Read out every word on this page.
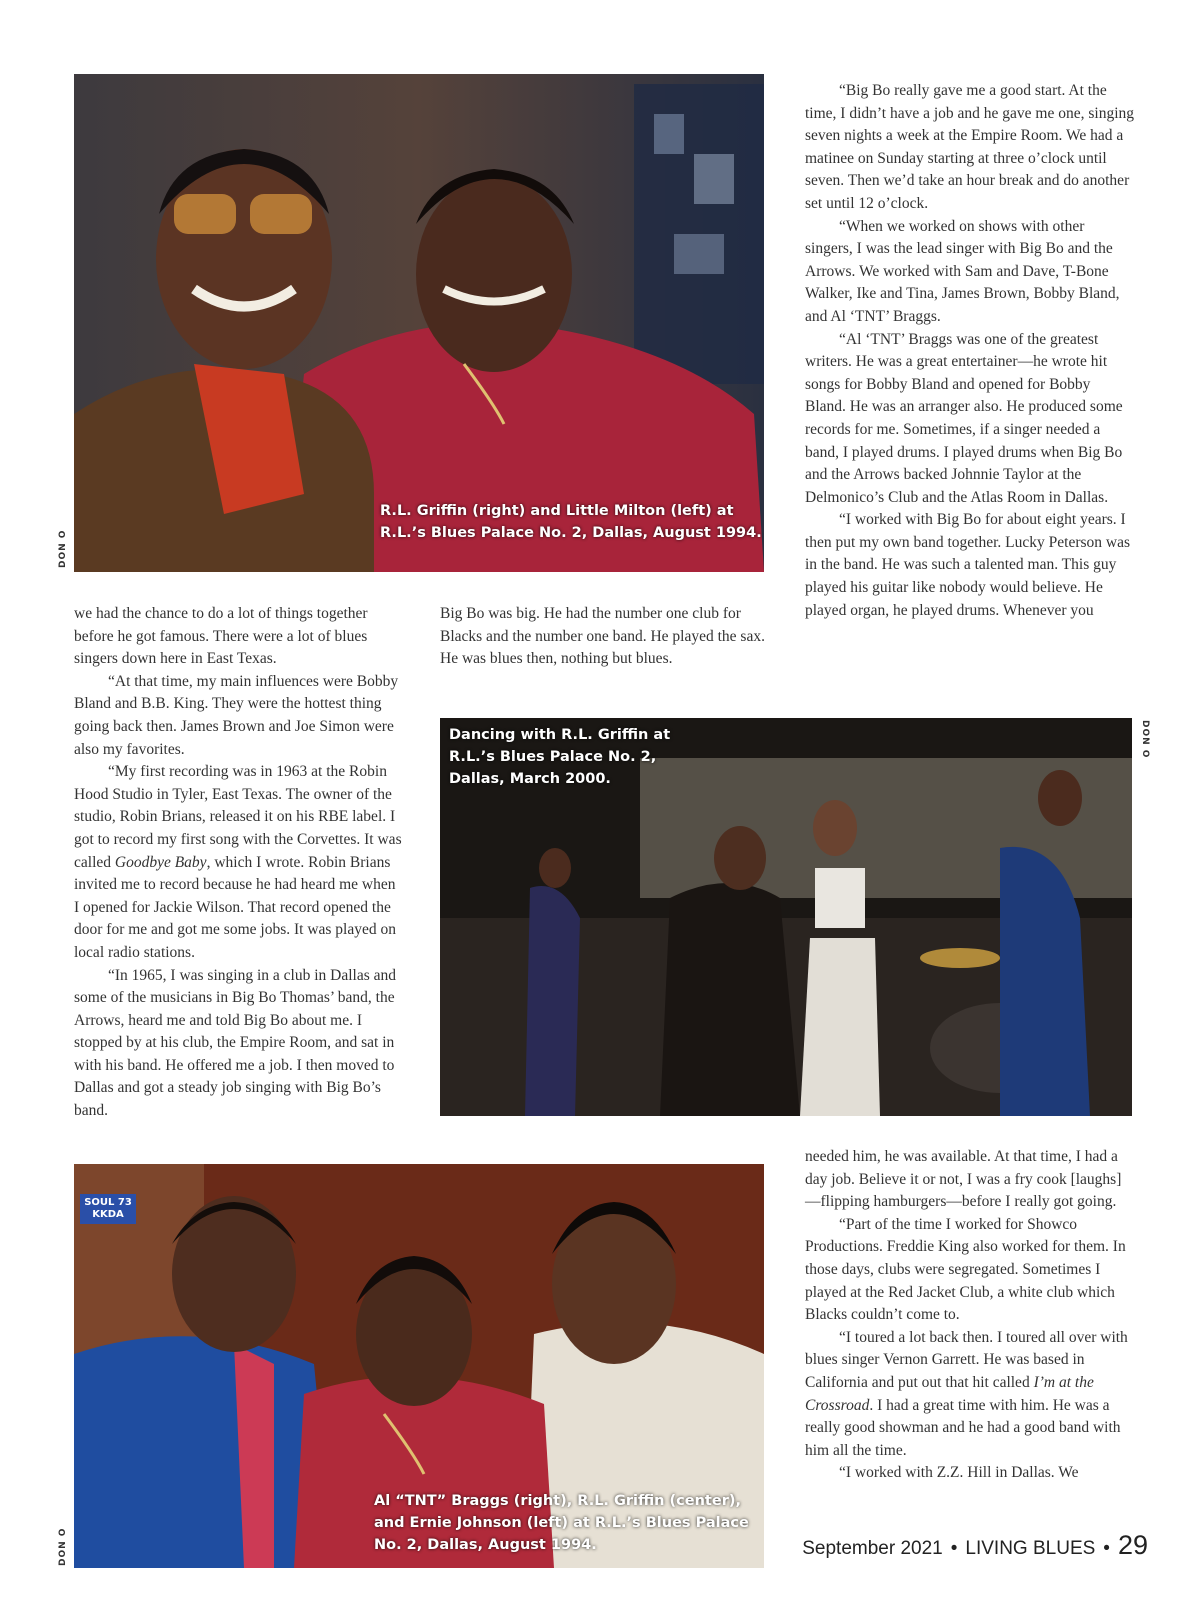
R.L. Griffin (right) and Little Milton (left) at
R.L.’s Blues Palace No. 2, Dallas, August 1994.
DON O
Dancing with R.L. Griffin at
R.L.’s Blues Palace No. 2,
Dallas, March 2000.
DON O
SOUL 73
KKDA
Al “TNT” Braggs (right), R.L. Griffin (center),
and Ernie Johnson (left) at R.L.’s Blues Palace
No. 2, Dallas, August 1994.
DON O

we had the chance to do a lot of things together before he got famous. There were a lot of blues singers down here in East Texas.

“At that time, my main influences were Bobby Bland and B.B. King. They were the hottest thing going back then. James Brown and Joe Simon were also my favorites.

“My first recording was in 1963 at the Robin Hood Studio in Tyler, East Texas. The owner of the studio, Robin Brians, released it on his RBE label. I got to record my first song with the Corvettes. It was called Goodbye Baby, which I wrote. Robin Brians invited me to record because he had heard me when I opened for Jackie Wilson. That record opened the door for me and got me some jobs. It was played on local radio stations.

“In 1965, I was singing in a club in Dallas and some of the musicians in Big Bo Thomas’ band, the Arrows, heard me and told Big Bo about me. I stopped by at his club, the Empire Room, and sat in with his band. He offered me a job. I then moved to Dallas and got a steady job singing with Big Bo’s band.

Big Bo was big. He had the number one club for Blacks and the number one band. He played the sax. He was blues then, nothing but blues.

“Big Bo really gave me a good start. At the time, I didn’t have a job and he gave me one, singing seven nights a week at the Empire Room. We had a matinee on Sunday starting at three o’clock until seven. Then we’d take an hour break and do another set until 12 o’clock.

“When we worked on shows with other singers, I was the lead singer with Big Bo and the Arrows. We worked with Sam and Dave, T-Bone Walker, Ike and Tina, James Brown, Bobby Bland, and Al ‘TNT’ Braggs.

“Al ‘TNT’ Braggs was one of the greatest writers. He was a great entertainer—he wrote hit songs for Bobby Bland and opened for Bobby Bland. He was an arranger also. He produced some records for me. Sometimes, if a singer needed a band, I played drums. I played drums when Big Bo and the Arrows backed Johnnie Taylor at the Delmonico’s Club and the Atlas Room in Dallas.

“I worked with Big Bo for about eight years. I then put my own band together. Lucky Peterson was in the band. He was such a talented man. This guy played his guitar like nobody would believe. He played organ, he played drums. Whenever you

needed him, he was available. At that time, I had a day job. Believe it or not, I was a fry cook [laughs]—flipping hamburgers—before I really got going.

“Part of the time I worked for Showco Productions. Freddie King also worked for them. In those days, clubs were segregated. Sometimes I played at the Red Jacket Club, a white club which Blacks couldn’t come to.

“I toured a lot back then. I toured all over with blues singer Vernon Garrett. He was based in California and put out that hit called I’m at the Crossroad. I had a great time with him. He was a really good showman and he had a good band with him all the time.

“I worked with Z.Z. Hill in Dallas. We

September 2021 • LIVING BLUES • 29
